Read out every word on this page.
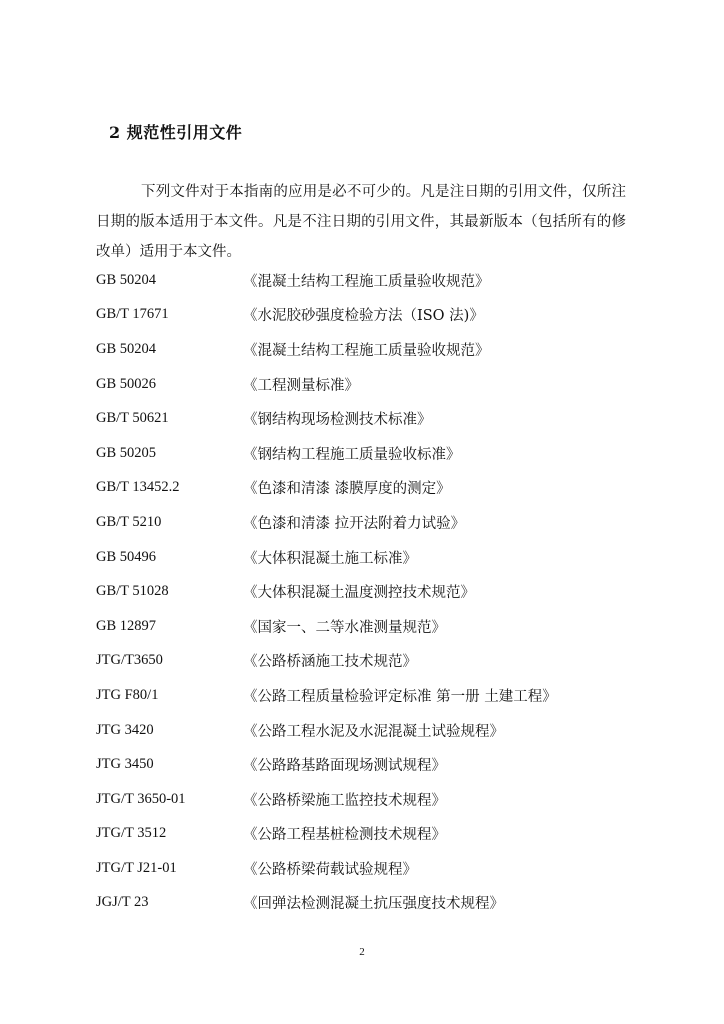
2 规范性引用文件

下列文件对于本指南的应用是必不可少的。凡是注日期的引用文件，仅所注日期的版本适用于本文件。凡是不注日期的引用文件，其最新版本（包括所有的修改单）适用于本文件。

GB 50204	《混凝土结构工程施工质量验收规范》
GB/T 17671	《水泥胶砂强度检验方法（ISO 法)》
GB 50204	《混凝土结构工程施工质量验收规范》
GB 50026	《工程测量标准》
GB/T 50621	《钢结构现场检测技术标准》
GB 50205	《钢结构工程施工质量验收标准》
GB/T 13452.2	《色漆和清漆 漆膜厚度的测定》
GB/T 5210	《色漆和清漆 拉开法附着力试验》
GB 50496	《大体积混凝土施工标准》
GB/T 51028	《大体积混凝土温度测控技术规范》
GB 12897	《国家一、二等水准测量规范》
JTG/T3650	《公路桥涵施工技术规范》
JTG F80/1	《公路工程质量检验评定标准 第一册 土建工程》
JTG 3420	《公路工程水泥及水泥混凝土试验规程》
JTG 3450	《公路路基路面现场测试规程》
JTG/T 3650-01	《公路桥梁施工监控技术规程》
JTG/T 3512	《公路工程基桩检测技术规程》
JTG/T J21-01	《公路桥梁荷载试验规程》
JGJ/T 23	《回弹法检测混凝土抗压强度技术规程》
2
